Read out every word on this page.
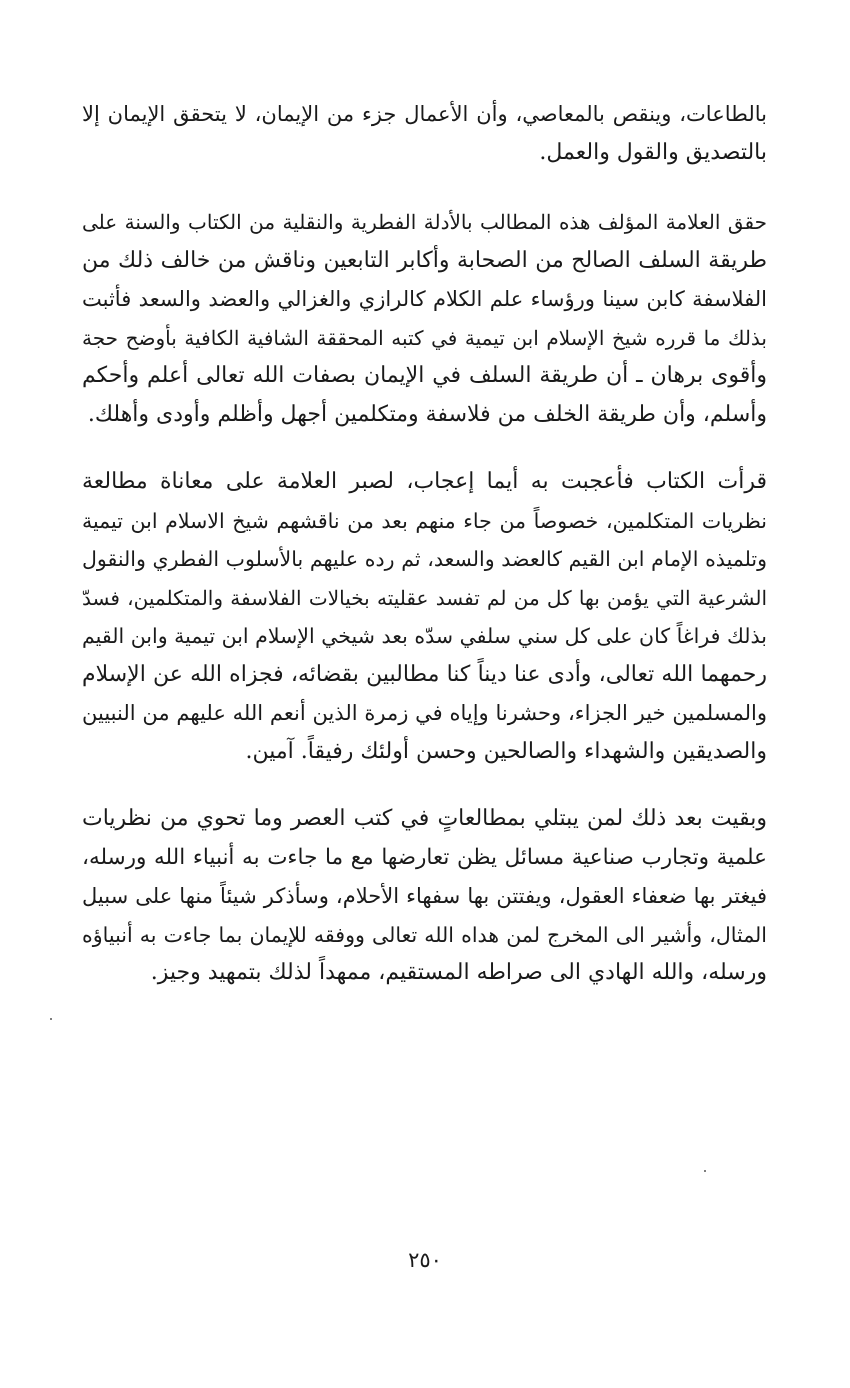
بالطاعات، وينقص بالمعاصي، وأن الأعمال جزء من الإيمان، لا يتحقق الإيمان إلا
بالتصديق والقول والعمل.

حقق العلامة المؤلف هذه المطالب بالأدلة الفطرية والنقلية من الكتاب والسنة على
طريقة السلف الصالح من الصحابة وأكابر التابعين وناقش من خالف ذلك من
الفلاسفة كابن سينا ورؤساء علم الكلام كالرازي والغزالي والعضد والسعد فأثبت
بذلك ما قرره شيخ الإسلام ابن تيمية في كتبه المحققة الشافية الكافية بأوضح حجة
وأقوى برهان ـ أن طريقة السلف في الإيمان بصفات الله تعالى أعلم وأحكم
وأسلم، وأن طريقة الخلف من فلاسفة ومتكلمين أجهل وأظلم وأودى وأهلك.

قرأت الكتاب فأعجبت به أيما إعجاب، لصبر العلامة على معاناة مطالعة
نظريات المتكلمين، خصوصاً من جاء منهم بعد من ناقشهم شيخ الاسلام ابن تيمية
وتلميذه الإمام ابن القيم كالعضد والسعد، ثم رده عليهم بالأسلوب الفطري والنقول
الشرعية التي يؤمن بها كل من لم تفسد عقليته بخيالات الفلاسفة والمتكلمين، فسدّ
بذلك فراغاً كان على كل سني سلفي سدّه بعد شيخي الإسلام ابن تيمية وابن القيم
رحمهما الله تعالى، وأدى عنا ديناً كنا مطالبين بقضائه، فجزاه الله عن الإسلام
والمسلمين خير الجزاء، وحشرنا وإياه في زمرة الذين أنعم الله عليهم من النبيين
والصديقين والشهداء والصالحين وحسن أولئك رفيقاً. آمين.

وبقيت بعد ذلك لمن يبتلي بمطالعاتٍ في كتب العصر وما تحوي من نظريات
علمية وتجارب صناعية مسائل يظن تعارضها مع ما جاءت به أنبياء الله ورسله،
فيغتر بها ضعفاء العقول، ويفتتن بها سفهاء الأحلام، وسأذكر شيئاً منها على سبيل
المثال، وأشير الى المخرج لمن هداه الله تعالى ووفقه للإيمان بما جاءت به أنبياؤه
ورسله، والله الهادي الى صراطه المستقيم، ممهداً لذلك بتمهيد وجيز.

٢٥٠
